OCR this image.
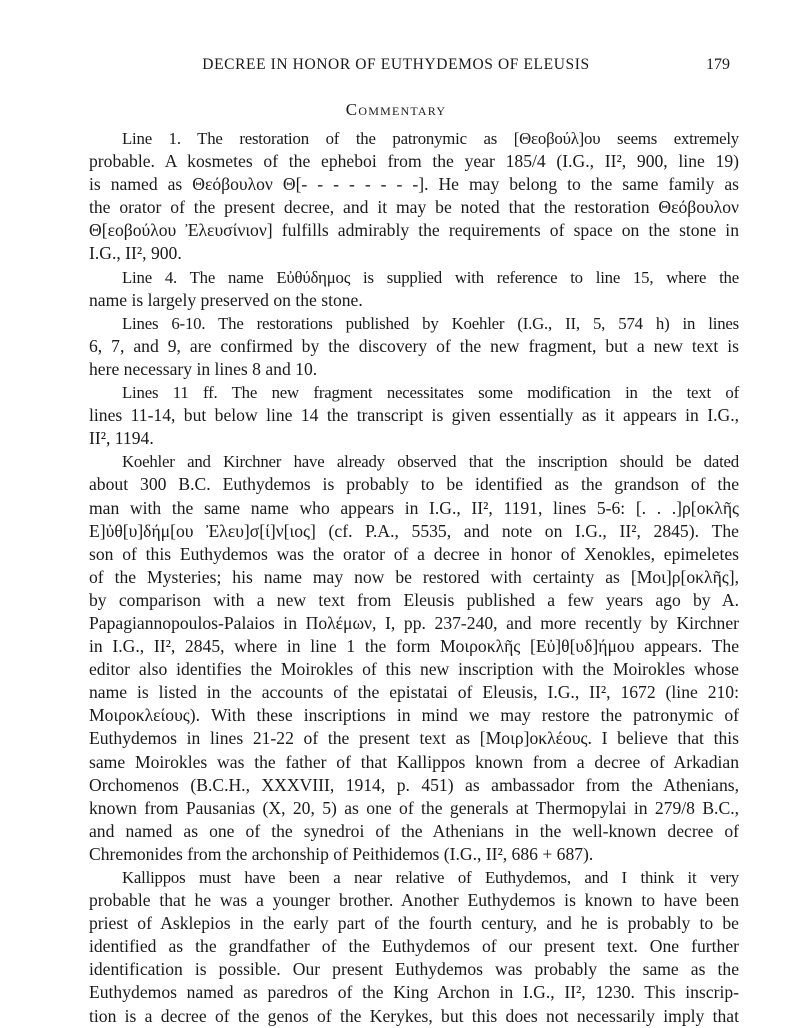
DECREE IN HONOR OF EUTHYDEMOS OF ELEUSIS	179
Commentary

Line 1. The restoration of the patronymic as [Θεοβούλ]ου seems extremely
probable. A kosmetes of the epheboi from the year 185/4 (I.G., II², 900, line 19)
is named as Θεόβουλον Θ[- - - - - - - -]. He may belong to the same family as
the orator of the present decree, and it may be noted that the restoration Θεόβουλον
Θ[εοβούλου Ἐλευσίνιον] fulfills admirably the requirements of space on the stone in
I.G., II², 900.

Line 4. The name Εὐθύδημος is supplied with reference to line 15, where the
name is largely preserved on the stone.

Lines 6-10. The restorations published by Koehler (I.G., II, 5, 574 h) in lines
6, 7, and 9, are confirmed by the discovery of the new fragment, but a new text is
here necessary in lines 8 and 10.

Lines 11 ff. The new fragment necessitates some modification in the text of
lines 11-14, but below line 14 the transcript is given essentially as it appears in I.G.,
II², 1194.

Koehler and Kirchner have already observed that the inscription should be dated
about 300 B.C. Euthydemos is probably to be identified as the grandson of the
man with the same name who appears in I.G., II², 1191, lines 5-6: [. . .]ρ[οκλῆς
Ε]ὐθ[υ]δήμ[ου Ἐλευ]σ[ί]ν[ιος] (cf. P.A., 5535, and note on I.G., II², 2845). The
son of this Euthydemos was the orator of a decree in honor of Xenokles, epimeletes
of the Mysteries; his name may now be restored with certainty as [Μοι]ρ[οκλῆς],
by comparison with a new text from Eleusis published a few years ago by A.
Papagiannopoulos-Palaios in Πολέμων, I, pp. 237-240, and more recently by Kirchner
in I.G., II², 2845, where in line 1 the form Μοιροκλῆς [Εὐ]θ[υδ]ήμου appears. The
editor also identifies the Moirokles of this new inscription with the Moirokles whose
name is listed in the accounts of the epistatai of Eleusis, I.G., II², 1672 (line 210:
Μοιροκλείους). With these inscriptions in mind we may restore the patronymic of
Euthydemos in lines 21-22 of the present text as [Μοιρ]οκλέους. I believe that this
same Moirokles was the father of that Kallippos known from a decree of Arkadian
Orchomenos (B.C.H., XXXVIII, 1914, p. 451) as ambassador from the Athenians,
known from Pausanias (X, 20, 5) as one of the generals at Thermopylai in 279/8 B.C.,
and named as one of the synedroi of the Athenians in the well-known decree of
Chremonides from the archonship of Peithidemos (I.G., II², 686 + 687).

Kallippos must have been a near relative of Euthydemos, and I think it very
probable that he was a younger brother. Another Euthydemos is known to have been
priest of Asklepios in the early part of the fourth century, and he is probably to be
identified as the grandfather of the Euthydemos of our present text. One further
identification is possible. Our present Euthydemos was probably the same as the
Euthydemos named as paredros of the King Archon in I.G., II², 1230. This inscrip-
tion is a decree of the genos of the Kerykes, but this does not necessarily imply that
